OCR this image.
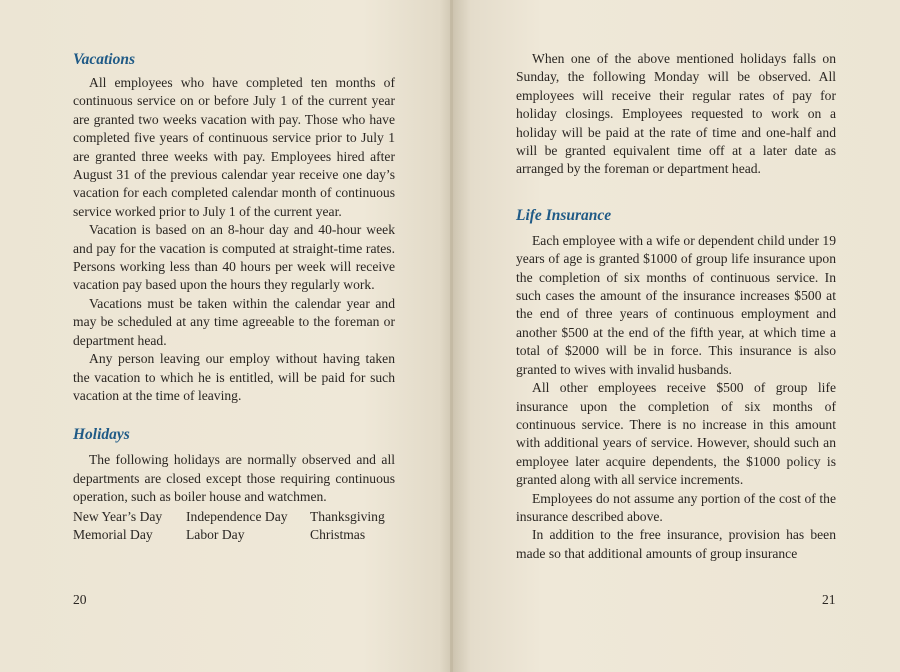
Vacations

All employees who have completed ten months of continuous service on or before July 1 of the current year are granted two weeks vacation with pay. Those who have completed five years of continuous service prior to July 1 are granted three weeks with pay. Employees hired after August 31 of the previous calendar year receive one day’s vacation for each completed calendar month of continuous service worked prior to July 1 of the current year.

Vacation is based on an 8-hour day and 40-hour week and pay for the vacation is computed at straight-time rates. Persons working less than 40 hours per week will receive vacation pay based upon the hours they regularly work.

Vacations must be taken within the calendar year and may be scheduled at any time agreeable to the foreman or department head.

Any person leaving our employ without having taken the vacation to which he is entitled, will be paid for such vacation at the time of leaving.

Holidays

The following holidays are normally observed and all departments are closed except those requiring continuous operation, such as boiler house and watchmen.

New Year’s Day	Independence Day	Thanksgiving
Memorial Day	Labor Day	Christmas
20

When one of the above mentioned holidays falls on Sunday, the following Monday will be observed. All employees will receive their regular rates of pay for holiday closings. Employees requested to work on a holiday will be paid at the rate of time and one-half and will be granted equivalent time off at a later date as arranged by the foreman or department head.

Life Insurance

Each employee with a wife or dependent child under 19 years of age is granted $1000 of group life insurance upon the completion of six months of continuous service. In such cases the amount of the insurance increases $500 at the end of three years of continuous employment and another $500 at the end of the fifth year, at which time a total of $2000 will be in force. This insurance is also granted to wives with invalid husbands.

All other employees receive $500 of group life insurance upon the completion of six months of continuous service. There is no increase in this amount with additional years of service. However, should such an employee later acquire dependents, the $1000 policy is granted along with all service increments.

Employees do not assume any portion of the cost of the insurance described above.

In addition to the free insurance, provision has been made so that additional amounts of group insurance

21
